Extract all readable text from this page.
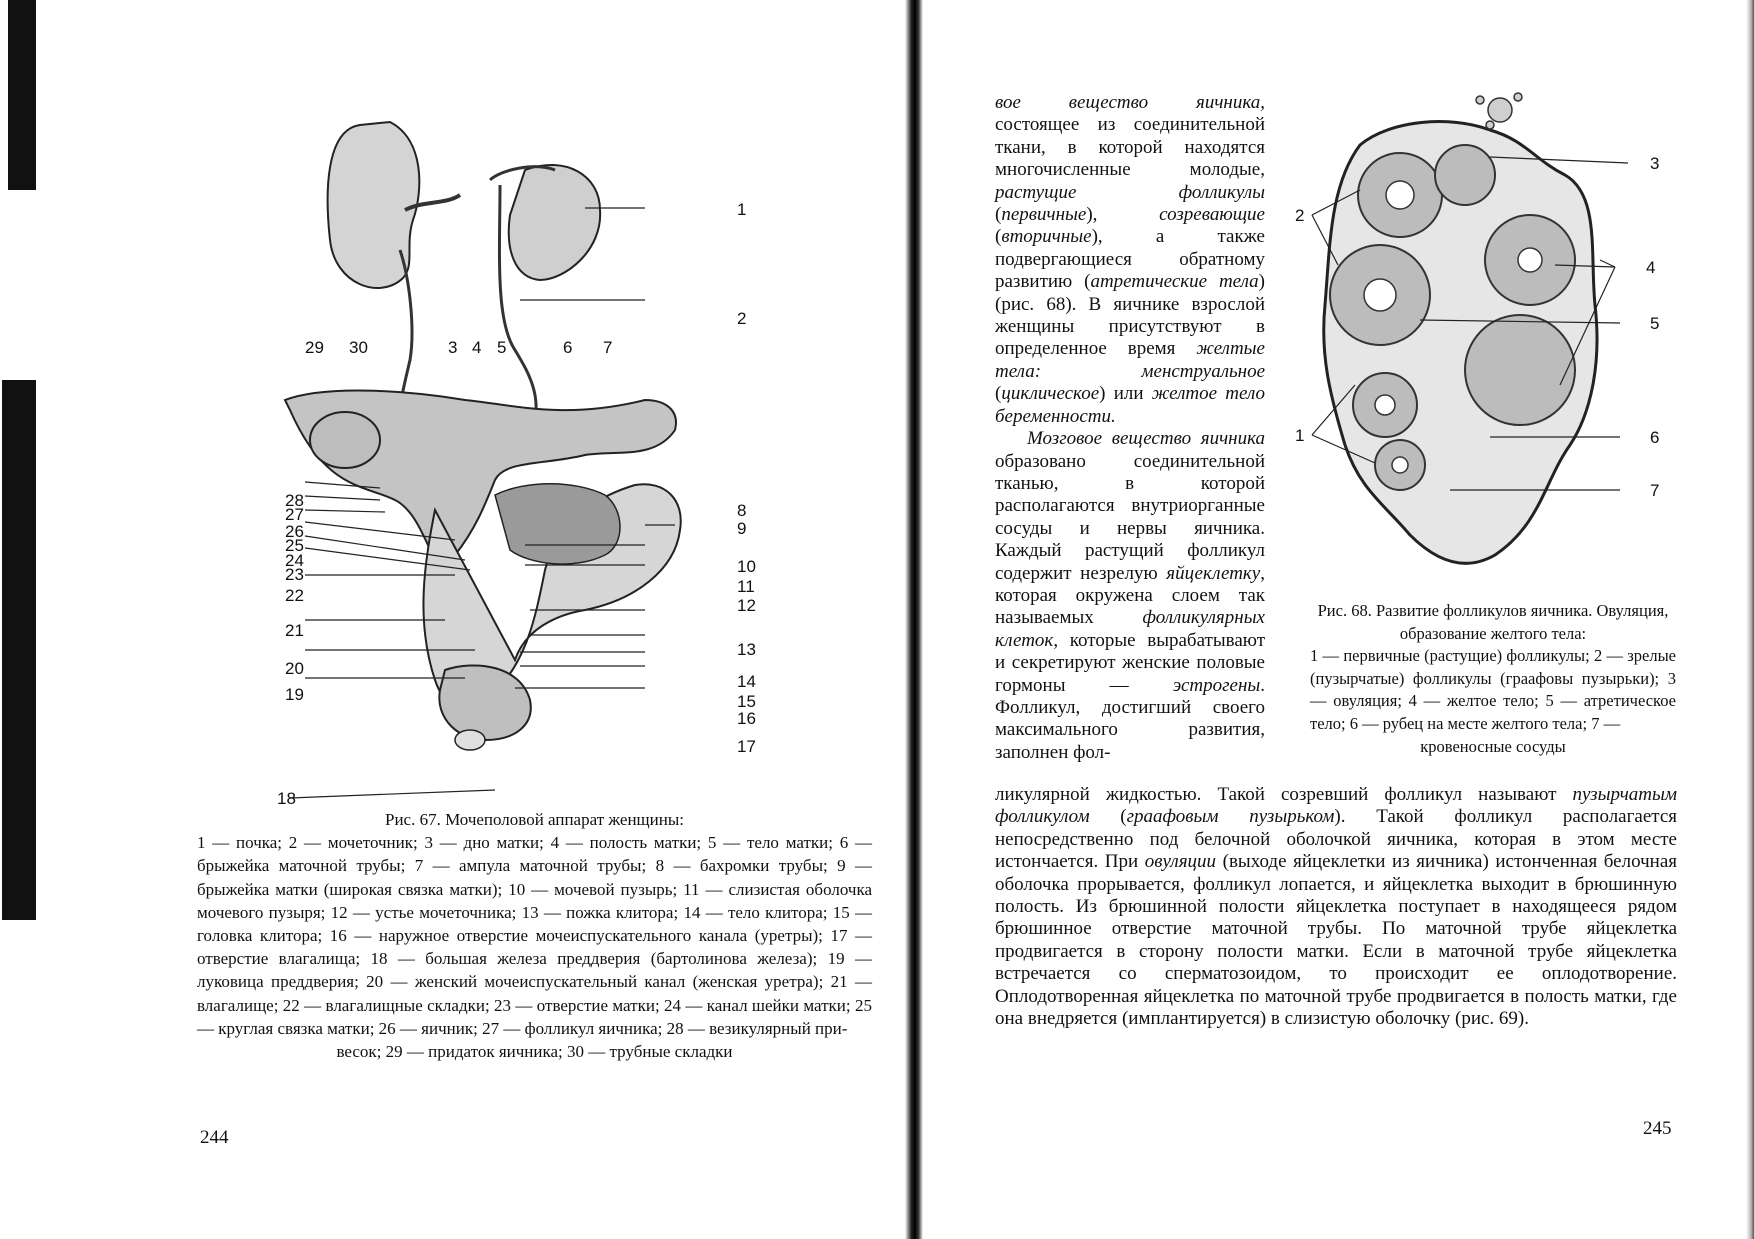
29 30	3 4 5	6 7
28
27
26
25
24
23
22
21
20
19
18
1
2
8
9
10
11
12
13
14
15
16
17
Рис. 67. Мочеполовой аппарат женщины:
1 — почка; 2 — мочеточник; 3 — дно матки; 4 — полость матки; 5 — тело матки; 6 — брыжейка маточной трубы; 7 — ампула маточной трубы; 8 — бахромки трубы; 9 — брыжейка матки (широкая связка матки); 10 — мочевой пузырь; 11 — слизистая оболочка мочевого пузыря; 12 — устье мочеточника; 13 — пожка клитора; 14 — тело клитора; 15 — головка клитора; 16 — наружное отверстие мочеиспускательного канала (уретры); 17 — отверстие влагалища; 18 — большая железа преддверия (бартолинова железа); 19 — луковица преддверия; 20 — женский мочеиспускательный канал (женская уретра); 21 — влагалище; 22 — влагалищные складки; 23 — отверстие матки; 24 — канал шейки матки; 25 — круглая связка матки; 26 — яичник; 27 — фолликул яичника; 28 — везикулярный при-
весок; 29 — придаток яичника; 30 — трубные складки
244

вое вещество яичника, состоящее из соединительной ткани, в которой находятся многочисленные молодые, растущие фолликулы (первичные), созревающие (вторичные), а также подвергающиеся обратному развитию (атретические тела) (рис. 68). В яичнике взрослой женщины присутствуют в определенное время желтые тела: менструальное (циклическое) или желтое тело беременности.

Мозговое вещество яичника образовано соединительной тканью, в которой располагаются внутриорганные сосуды и нервы яичника. Каждый растущий фолликул содержит незрелую яйцеклетку, которая окружена слоем так называемых фолликулярных клеток, которые вырабатывают и секретируют женские половые гормоны — эстрогены. Фолликул, достигший своего максимального развития, заполнен фол-

3
2
4
5
1	6
7
Рис. 68. Развитие фолликулов яичника. Овуляция, образование желтого тела:
1 — первичные (растущие) фолликулы; 2 — зрелые (пузырчатые) фолликулы (граафовы пузырьки); 3 — овуляция; 4 — желтое тело; 5 — атретическое тело; 6 — рубец на месте желтого тела; 7 —
кровеносные сосуды

ликулярной жидкостью. Такой созревший фолликул называют пузырчатым фолликулом (граафовым пузырьком). Такой фолликул располагается непосредственно под белочной оболочкой яичника, которая в этом месте истончается. При овуляции (выходе яйцеклетки из яичника) истонченная белочная оболочка прорывается, фолликул лопается, и яйцеклетка выходит в брюшинную полость. Из брюшинной полости яйцеклетка поступает в находящееся рядом брюшинное отверстие маточной трубы. По маточной трубе яйцеклетка продвигается в сторону полости матки. Если в маточной трубе яйцеклетка встречается со сперматозоидом, то происходит ее оплодотворение. Оплодотворенная яйцеклетка по маточной трубе продвигается в полость матки, где она внедряется (имплантируется) в слизистую оболочку (рис. 69).

245
